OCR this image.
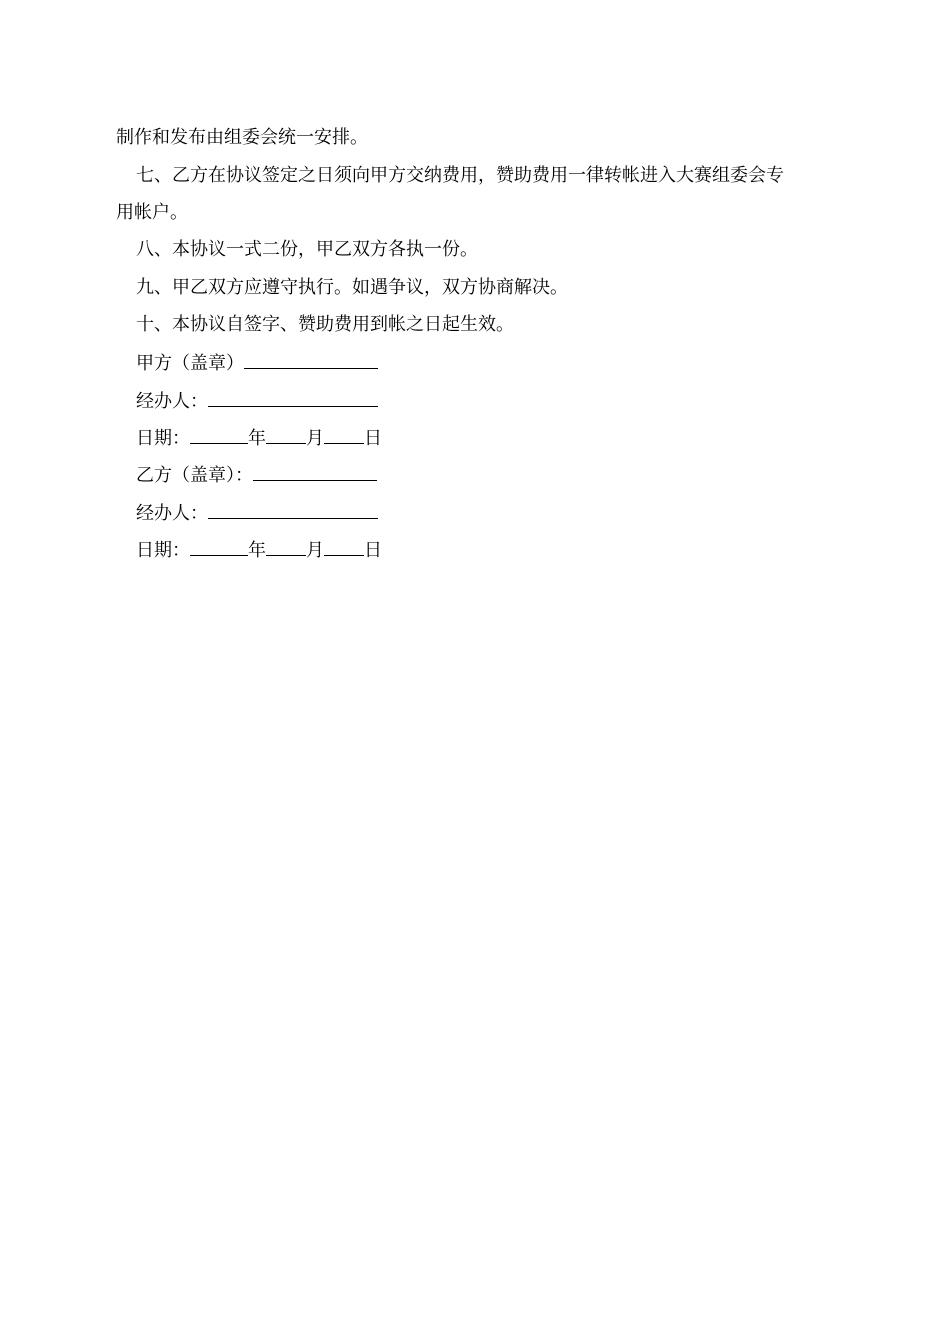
制作和发布由组委会统一安排。
七、乙方在协议签定之日须向甲方交纳费用，赞助费用一律转帐进入大赛组委会专
用帐户。
八、本协议一式二份，甲乙双方各执一份。
九、甲乙双方应遵守执行。如遇争议，双方协商解决。
十、本协议自签字、赞助费用到帐之日起生效。
甲方（盖章）
经办人：
日期：	年 月 日
乙方（盖章）：
经办人：
日期：	年 月 日
